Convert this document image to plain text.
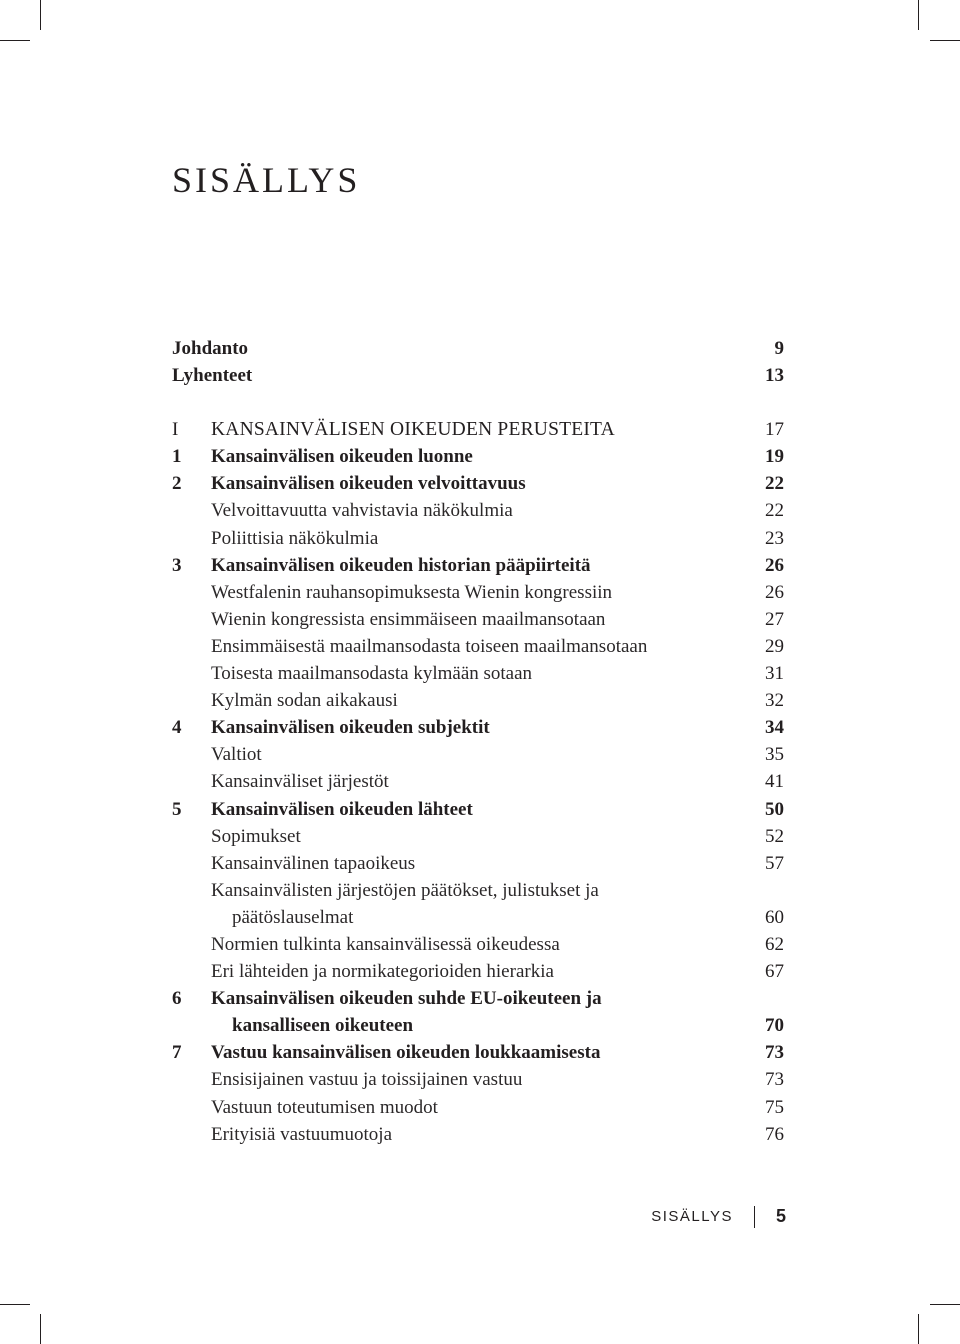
SISÄLLYS
Johdanto	9
Lyhenteet	13
I KANSAINVÄLISEN OIKEUDEN PERUSTEITA	17
1 Kansainvälisen oikeuden luonne	19
2 Kansainvälisen oikeuden velvoittavuus	22
Velvoittavuutta vahvistavia näkökulmia	22
Poliittisia näkökulmia	23
3 Kansainvälisen oikeuden historian pääpiirteitä	26
Westfalenin rauhansopimuksesta Wienin kongressiin	26
Wienin kongressista ensimmäiseen maailmansotaan	27
Ensimmäisestä maailmansodasta toiseen maailmansotaan	29
Toisesta maailmansodasta kylmään sotaan	31
Kylmän sodan aikakausi	32
4 Kansainvälisen oikeuden subjektit	34
Valtiot	35
Kansainväliset järjestöt	41
5 Kansainvälisen oikeuden lähteet	50
Sopimukset	52
Kansainvälinen tapaoikeus	57
Kansainvälisten järjestöjen päätökset, julistukset ja
päätöslauselmat	60
Normien tulkinta kansainvälisessä oikeudessa	62
Eri lähteiden ja normikategorioiden hierarkia	67
6 Kansainvälisen oikeuden suhde EU-oikeuteen ja
kansalliseen oikeuteen	70
7 Vastuu kansainvälisen oikeuden loukkaamisesta	73
Ensisijainen vastuu ja toissijainen vastuu	73
Vastuun toteutumisen muodot	75
Erityisiä vastuumuotoja	76
SISÄLLYS 5
